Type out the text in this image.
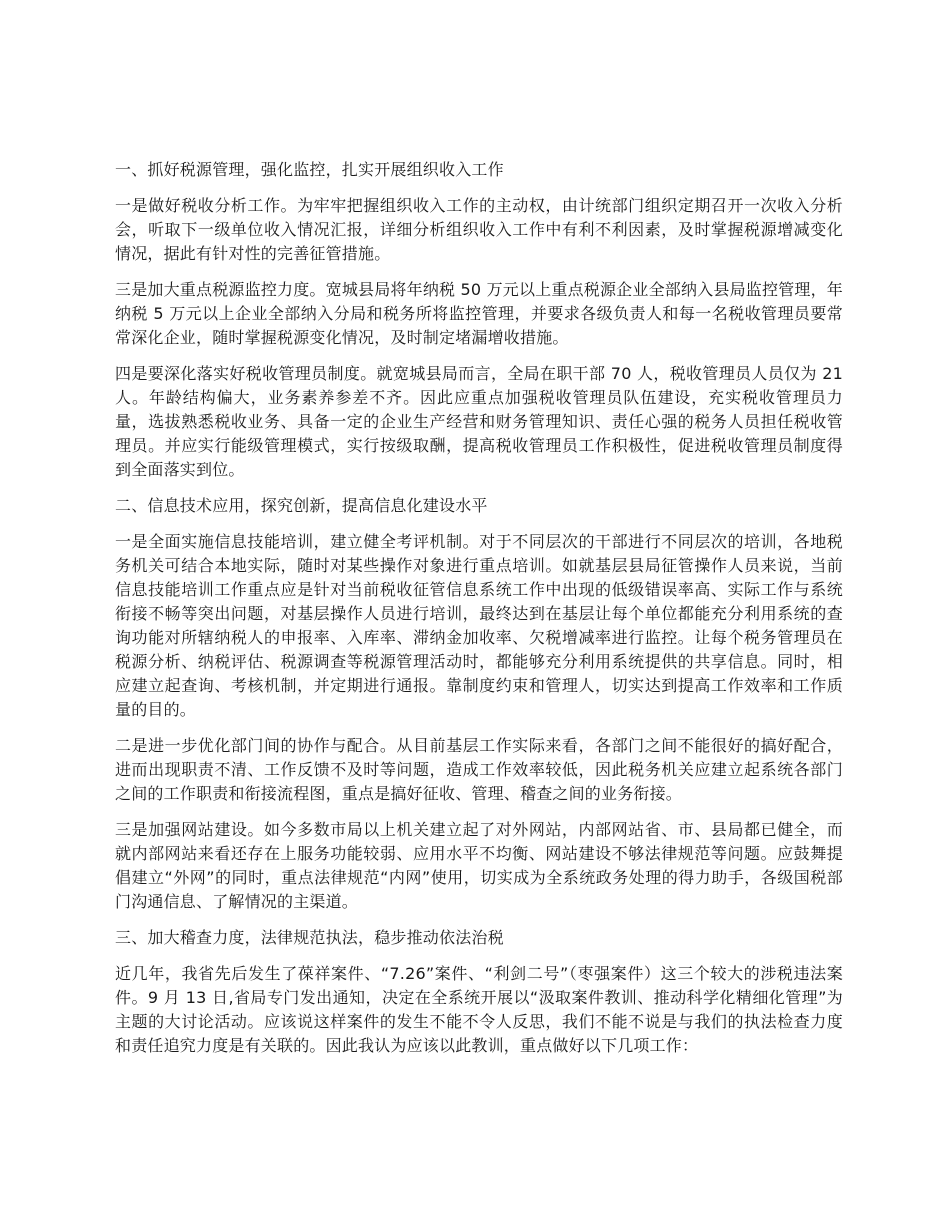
一、抓好税源管理，强化监控，扎实开展组织收入工作
一是做好税收分析工作。为牢牢把握组织收入工作的主动权，由计统部门组织定期召开一次收入分析会，听取下一级单位收入情况汇报，详细分析组织收入工作中有利不利因素，及时掌握税源增减变化情况，据此有针对性的完善征管措施。
三是加大重点税源监控力度。宽城县局将年纳税 50 万元以上重点税源企业全部纳入县局监控管理，年纳税 5 万元以上企业全部纳入分局和税务所将监控管理，并要求各级负责人和每一名税收管理员要常常深化企业，随时掌握税源变化情况，及时制定堵漏增收措施。
四是要深化落实好税收管理员制度。就宽城县局而言，全局在职干部 70 人，税收管理员人员仅为 21 人。年龄结构偏大，业务素养参差不齐。因此应重点加强税收管理员队伍建设，充实税收管理员力量，选拔熟悉税收业务、具备一定的企业生产经营和财务管理知识、责任心强的税务人员担任税收管理员。并应实行能级管理模式，实行按级取酬，提高税收管理员工作积极性，促进税收管理员制度得到全面落实到位。
二、信息技术应用，探究创新，提高信息化建设水平
一是全面实施信息技能培训，建立健全考评机制。对于不同层次的干部进行不同层次的培训，各地税务机关可结合本地实际，随时对某些操作对象进行重点培训。如就基层县局征管操作人员来说，当前信息技能培训工作重点应是针对当前税收征管信息系统工作中出现的低级错误率高、实际工作与系统衔接不畅等突出问题，对基层操作人员进行培训，最终达到在基层让每个单位都能充分利用系统的查询功能对所辖纳税人的申报率、入库率、滞纳金加收率、欠税增减率进行监控。让每个税务管理员在税源分析、纳税评估、税源调查等税源管理活动时，都能够充分利用系统提供的共享信息。同时，相应建立起查询、考核机制，并定期进行通报。靠制度约束和管理人，切实达到提高工作效率和工作质量的目的。
二是进一步优化部门间的协作与配合。从目前基层工作实际来看，各部门之间不能很好的搞好配合，进而出现职责不清、工作反馈不及时等问题，造成工作效率较低，因此税务机关应建立起系统各部门之间的工作职责和衔接流程图，重点是搞好征收、管理、稽查之间的业务衔接。
三是加强网站建设。如今多数市局以上机关建立起了对外网站，内部网站省、市、县局都已健全，而就内部网站来看还存在上服务功能较弱、应用水平不均衡、网站建设不够法律规范等问题。应鼓舞提倡建立“外网”的同时，重点法律规范“内网”使用，切实成为全系统政务处理的得力助手，各级国税部门沟通信息、了解情况的主渠道。
三、加大稽查力度，法律规范执法，稳步推动依法治税
近几年，我省先后发生了葆祥案件、“7.26”案件、“利剑二号”（枣强案件）这三个较大的涉税违法案件。9 月 13 日,省局专门发出通知，决定在全系统开展以“汲取案件教训、推动科学化精细化管理”为主题的大讨论活动。应该说这样案件的发生不能不令人反思，我们不能不说是与我们的执法检查力度和责任追究力度是有关联的。因此我认为应该以此教训，重点做好以下几项工作：
